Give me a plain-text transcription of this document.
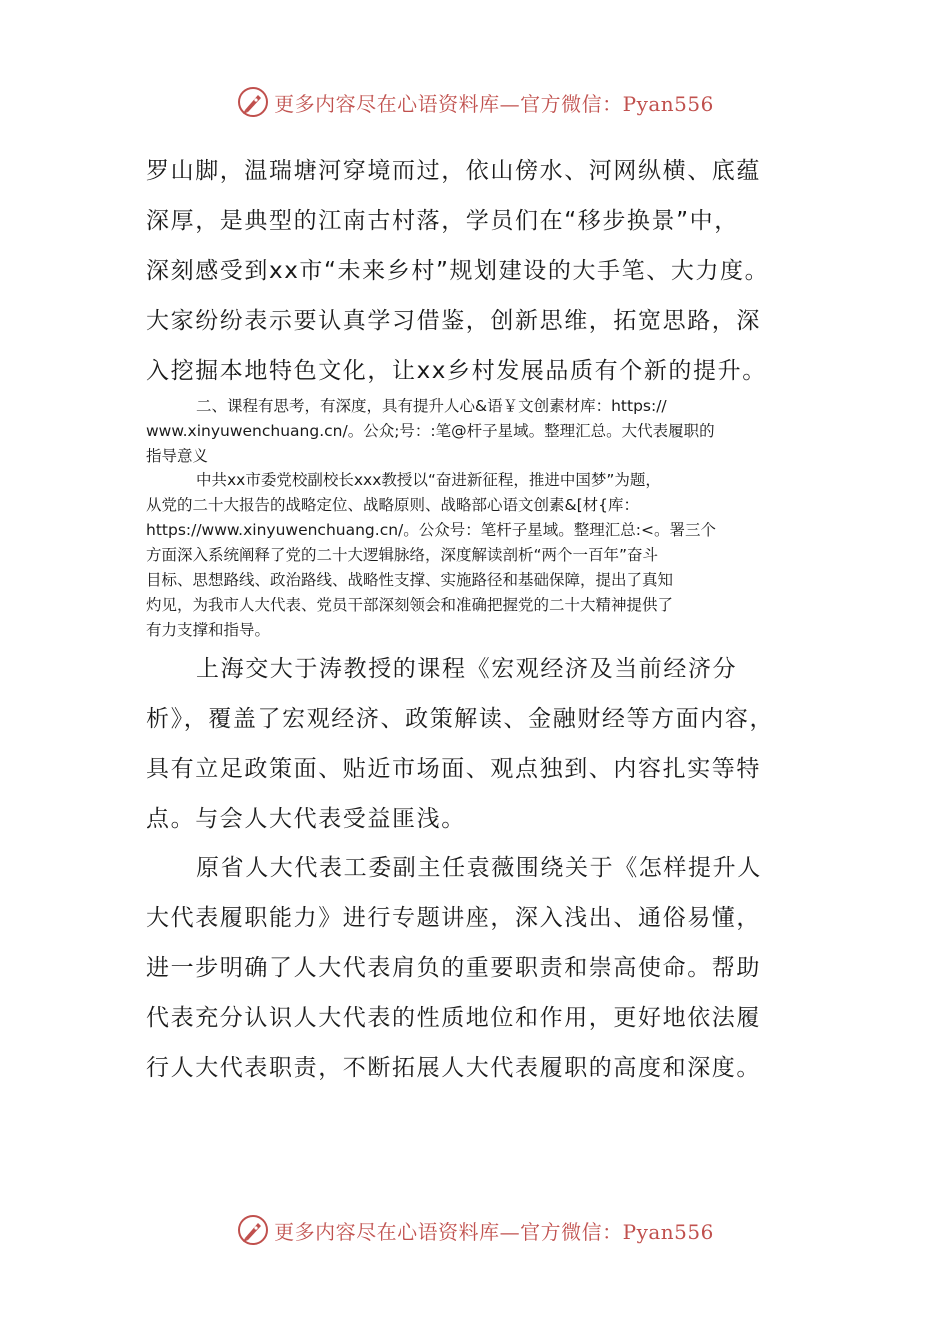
更多内容尽在心语资料库—官方微信：Pyan556
罗山脚，温瑞塘河穿境而过，依山傍水、河网纵横、底蕴
深厚，是典型的江南古村落，学员们在“移步换景”中，
深刻感受到xx市“未来乡村”规划建设的大手笔、大力度。
大家纷纷表示要认真学习借鉴，创新思维，拓宽思路，深
入挖掘本地特色文化，让xx乡村发展品质有个新的提升。
二、课程有思考，有深度，具有提升人心&语￥文创素材库：https://
www.xinyuwenchuang.cn/。公众;号：:笔@杆子星域。整理汇总。大代表履职的
指导意义
中共xx市委党校副校长xxx教授以“奋进新征程，推进中国梦”为题，
从党的二十大报告的战略定位、战略原则、战略部心语文创素&[材{库：
https://www.xinyuwenchuang.cn/。公众号：笔杆子星域。整理汇总:<。署三个
方面深入系统阐释了党的二十大逻辑脉络，深度解读剖析“两个一百年”奋斗
目标、思想路线、政治路线、战略性支撑、实施路径和基础保障，提出了真知
灼见，为我市人大代表、党员干部深刻领会和准确把握党的二十大精神提供了
有力支撑和指导。
上海交大于涛教授的课程《宏观经济及当前经济分
析》，覆盖了宏观经济、政策解读、金融财经等方面内容，
具有立足政策面、贴近市场面、观点独到、内容扎实等特
点。与会人大代表受益匪浅。
原省人大代表工委副主任袁薇围绕关于《怎样提升人
大代表履职能力》进行专题讲座，深入浅出、通俗易懂，
进一步明确了人大代表肩负的重要职责和崇高使命。帮助
代表充分认识人大代表的性质地位和作用，更好地依法履
行人大代表职责，不断拓展人大代表履职的高度和深度。
更多内容尽在心语资料库—官方微信：Pyan556
